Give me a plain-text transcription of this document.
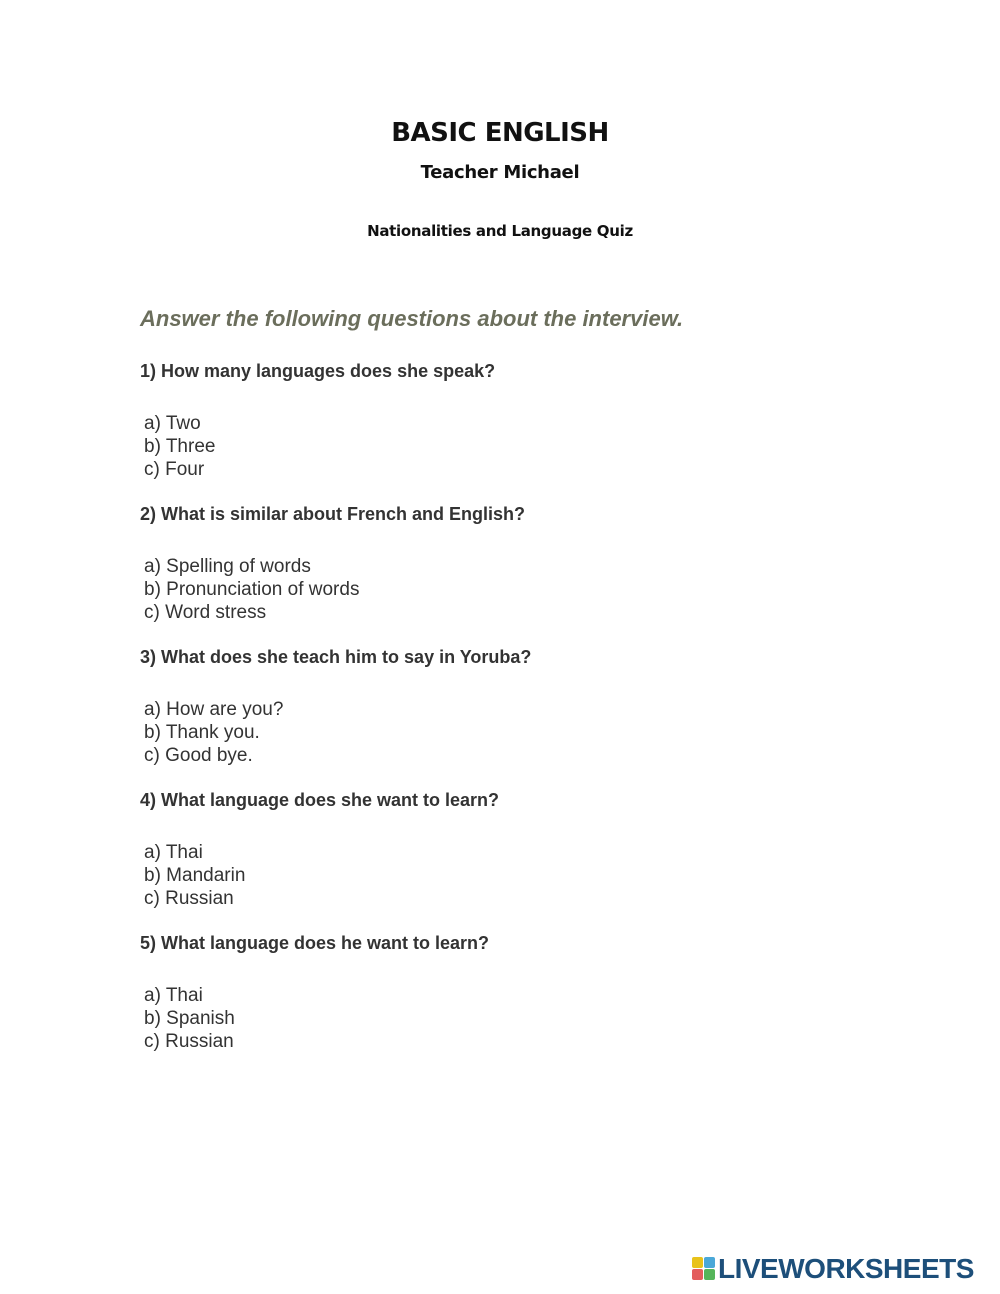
BASIC ENGLISH
Teacher Michael
Nationalities and Language Quiz
Answer the following questions about the interview.

1) How many languages does she speak?

a) Two
b) Three
c) Four

2) What is similar about French and English?

a) Spelling of words
b) Pronunciation of words
c) Word stress

3) What does she teach him to say in Yoruba?

a) How are you?
b) Thank you.
c) Good bye.

4) What language does she want to learn?

a) Thai
b) Mandarin
c) Russian

5) What language does he want to learn?

a) Thai
b) Spanish
c) Russian
LIVEWORKSHEETS
